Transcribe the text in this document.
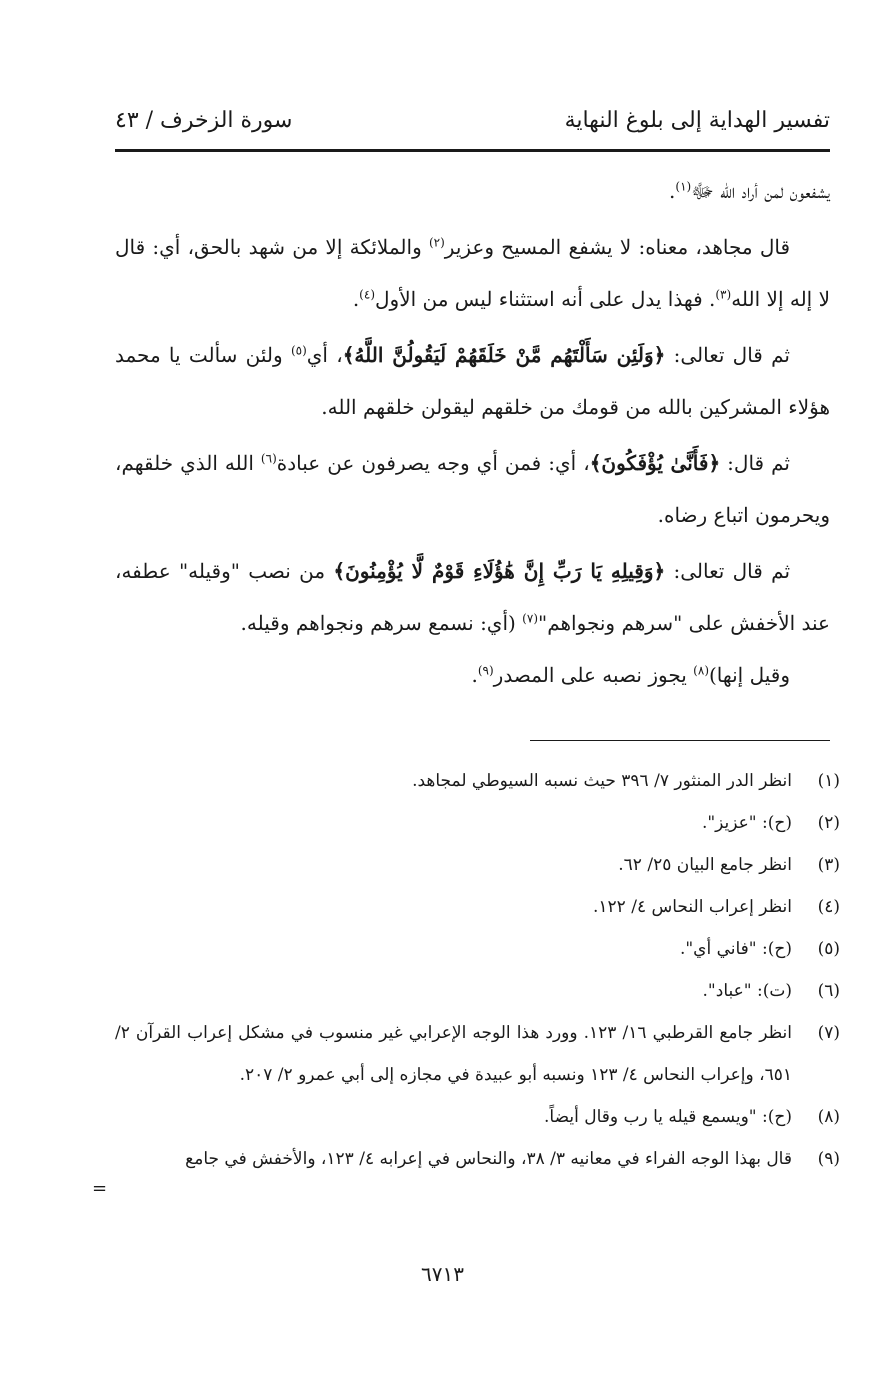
تفسير الهداية إلى بلوغ النهاية
سورة الزخرف / ٤٣

يشفعون لمن أراد الله ﷻ$^{(١)}$.

قال مجاهد، معناه: لا يشفع المسيح وعزير$^{(٢)}$ والملائكة إلا من شهد بالحق، أي: قال لا إله إلا الله$^{(٣)}$. فهذا يدل على أنه استثناء ليس من الأول$^{(٤)}$.

ثم قال تعالى: ﴿وَلَئِن سَأَلْتَهُم مَّنْ خَلَقَهُمْ لَيَقُولُنَّ اللَّهُ﴾، أي$^{(٥)}$ ولئن سألت يا محمد هؤلاء المشركين بالله من قومك من خلقهم ليقولن خلقهم الله.

ثم قال: ﴿فَأَنَّىٰ يُؤْفَكُونَ﴾، أي: فمن أي وجه يصرفون عن عبادة$^{(٦)}$ الله الذي خلقهم، ويحرمون اتباع رضاه.

ثم قال تعالى: ﴿وَقِيلِهِ يَا رَبِّ إِنَّ هَٰؤُلَاءِ قَوْمٌ لَّا يُؤْمِنُونَ﴾ من نصب "وقيله" عطفه، عند الأخفش على "سرهم ونجواهم"$^{(٧)}$ (أي: نسمع سرهم ونجواهم وقيله.

وقيل إنها)$^{(٨)}$ يجوز نصبه على المصدر$^{(٩)}$.

(١)
انظر الدر المنثور ٧/ ٣٩٦ حيث نسبه السيوطي لمجاهد.
(٢)
(ح): "عزيز".
(٣)
انظر جامع البيان ٢٥/ ٦٢.
(٤)
انظر إعراب النحاس ٤/ ١٢٢.
(٥)
(ح): "فاني أي".
(٦)
(ت): "عباد".
(٧)
انظر جامع القرطبي ١٦/ ١٢٣. وورد هذا الوجه الإعرابي غير منسوب في مشكل إعراب القرآن ٢/ ٦٥١، وإعراب النحاس ٤/ ١٢٣ ونسبه أبو عبيدة في مجازه إلى أبي عمرو ٢/ ٢٠٧.
(٨)
(ح): "ويسمع قيله يا رب وقال أيضاً.
(٩)
قال بهذا الوجه الفراء في معانيه ٣/ ٣٨، والنحاس في إعرابه ٤/ ١٢٣، والأخفش في جامع
=
٦٧١٣
